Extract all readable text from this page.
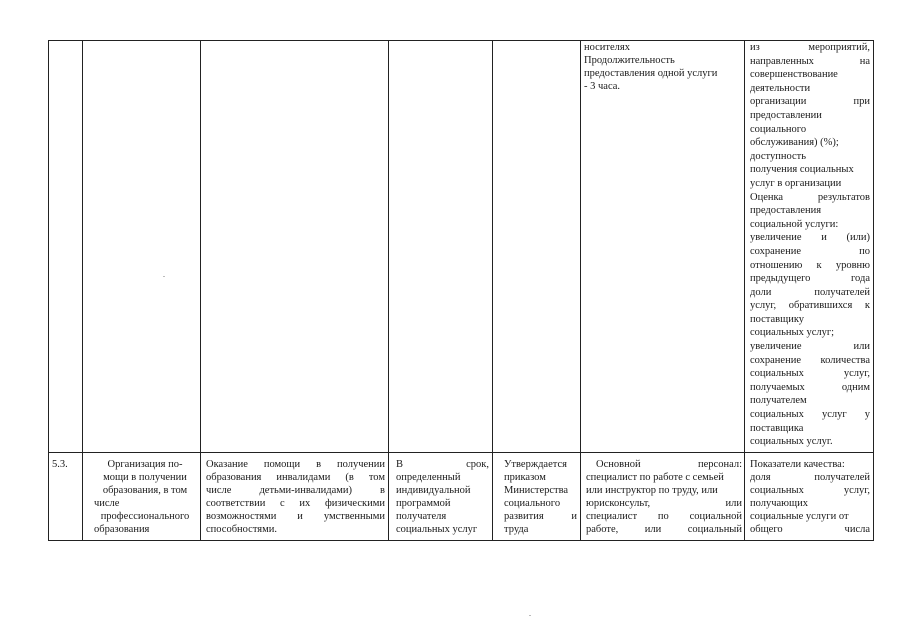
носителях

Продолжительность

предоставления одной услуги

- 3 часа.

из мероприятий,

направленных на

совершенствование

деятельности

организации при

предоставлении

социального

обслуживания) (%);

доступность

получения социальных

услуг в организации

Оценка результатов

предоставления

социальной услуги:

увеличение и (или)

сохранение по

отношению к уровню

предыдущего года

доли получателей

услуг, обратившихся к

поставщику

социальных услуг;

увеличение или

сохранение количества

социальных услуг,

получаемых одним

получателем

социальных услуг у

поставщика

социальных услуг.

5.3.	Организация по-

мощи в получении

образования, в том

числе

профессионального

образования

Оказание помощи в получении

образования инвалидами (в том

числе детьми-инвалидами) в

соответствии с их физическими

возможностями и умственными

способностями.

В срок,

определенный

индивидуальной

программой

получателя

социальных услуг

Утверждается

приказом

Министерства

социального

развития и

труда

Основной персонал:

специалист по работе с семьей

или инструктор по труду, или

юрисконсульт, или

специалист по социальной

работе, или социальный

Показатели качества:

доля получателей

социальных услуг,

получающих

социальные услуги от

общего числа
